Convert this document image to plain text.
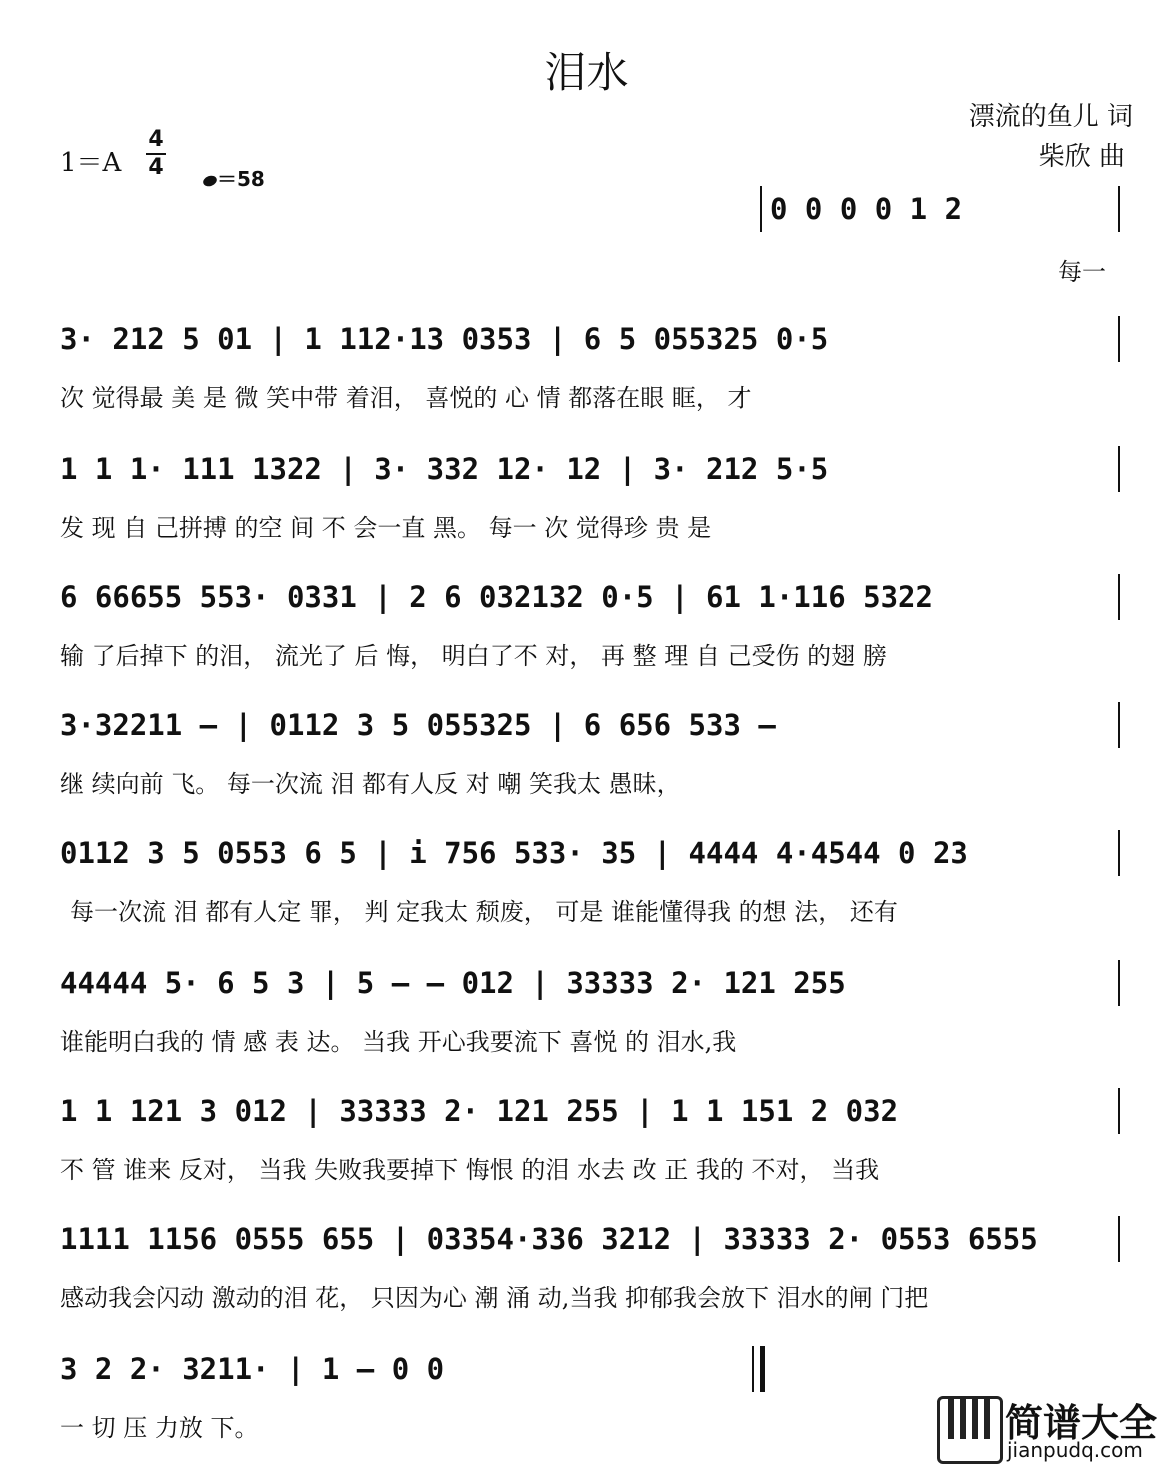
泪水
漂流的鱼儿 词
柴欣 曲
1＝A
4
4	＝58
0 0 0 0 1 2
每一
3· 212 5 01 | 1 112·13 0353 | 6 5 055325 0·5
次 觉得最 美 是 微 笑中带 着泪， 喜悦的 心 情 都落在眼 眶， 才
1 1 1· 111 1322 | 3· 332 12· 12 | 3· 212 5·5
发 现 自 己拼搏 的空 间 不 会一直 黑。 每一 次 觉得珍 贵 是
6 66655 553· 0331 | 2 6 032132 0·5 | 61 1·116 5322
输 了后掉下 的泪， 流光了 后 悔， 明白了不 对， 再 整 理 自 己受伤 的翅 膀
3·32211 – | 0112 3 5 055325 | 6 656 533 –
继 续向前 飞。 每一次流 泪 都有人反 对 嘲 笑我太 愚昧，
0112 3 5 0553 6 5 | i 756 533· 35 | 4444 4·4544 0 23
每一次流 泪 都有人定 罪， 判 定我太 颓废， 可是 谁能懂得我 的想 法， 还有
44444 5· 6 5 3 | 5 – – 012 | 33333 2· 121 255
谁能明白我的 情 感 表 达。 当我 开心我要流下 喜悦 的 泪水,我
1 1 121 3 012 | 33333 2· 121 255 | 1 1 151 2 032
不 管 谁来 反对， 当我 失败我要掉下 悔恨 的泪 水去 改 正 我的 不对， 当我
1111 1156 0555 655 | 03354·336 3212 | 33333 2· 0553 6555
感动我会闪动 激动的泪 花， 只因为心 潮 涌 动,当我 抑郁我会放下 泪水的闸 门把
3 2 2· 3211· | 1 – 0 0
一 切 压 力放 下。	简谱大全
jianpudq.com
